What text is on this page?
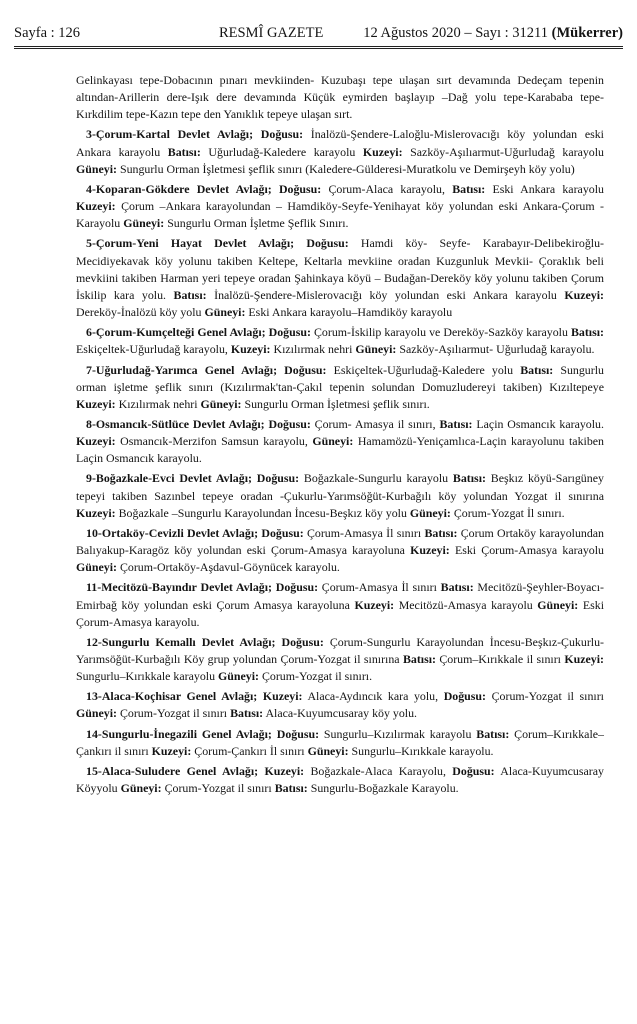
Sayfa : 126	RESMÎ GAZETE	12 Ağustos 2020 – Sayı : 31211 (Mükerrer)

Gelinkayası tepe-Dobacının pınarı mevkiinden- Kuzubaşı tepe ulaşan sırt devamında Dedeçam tepenin altından-Arillerin dere-Işık dere devamında Küçük eymirden başlayıp –Dağ yolu tepe-Karababa tepe- Kırkdilim tepe-Kazın tepe den Yanıklık tepeye ulaşan sırt.

3-Çorum-Kartal Devlet Avlağı; Doğusu: İnalözü-Şendere-Laloğlu-Mislerovacığı köy yolundan eski Ankara karayolu Batısı: Uğurludağ-Kaledere karayolu Kuzeyi: Sazköy-Aşılıarmut-Uğurludağ karayolu Güneyi: Sungurlu Orman İşletmesi şeflik sınırı (Kaledere-Gülderesi-Muratkolu ve Demirşeyh köy yolu)

4-Koparan-Gökdere Devlet Avlağı; Doğusu: Çorum-Alaca karayolu, Batısı: Eski Ankara karayolu Kuzeyi: Çorum –Ankara karayolundan – Hamdiköy-Seyfe-Yenihayat köy yolundan eski Ankara-Çorum - Karayolu Güneyi: Sungurlu Orman İşletme Şeflik Sınırı.

5-Çorum-Yeni Hayat Devlet Avlağı; Doğusu: Hamdi köy- Seyfe- Karabayır-Delibekiroğlu- Mecidiyekavak köy yolunu takiben Keltepe, Keltarla mevkiine oradan Kuzgunluk Mevkii- Çoraklık beli mevkiini takiben Harman yeri tepeye oradan Şahinkaya köyü – Budağan-Dereköy köy yolunu takiben Çorum İskilip kara yolu. Batısı: İnalözü-Şendere-Mislerovacığı köy yolundan eski Ankara karayolu Kuzeyi: Dereköy-İnalözü köy yolu Güneyi: Eski Ankara karayolu–Hamdiköy karayolu

6-Çorum-Kumçeltеği Genel Avlağı; Doğusu: Çorum-İskilip karayolu ve Dereköy-Sazköy karayolu Batısı: Eskiçeltek-Uğurludağ karayolu, Kuzeyi: Kızılırmak nehri Güneyi: Sazköy-Aşılıarmut- Uğurludağ karayolu.

7-Uğurludağ-Yarımca Genel Avlağı; Doğusu: Eskiçeltek-Uğurludağ-Kaledere yolu Batısı: Sungurlu orman işletme şeflik sınırı (Kızılırmak'tan-Çakıl tepenin solundan Domuzludereyi takiben) Kızıltepeye Kuzeyi: Kızılırmak nehri Güneyi: Sungurlu Orman İşletmesi şeflik sınırı.

8-Osmancık-Sütlüce Devlet Avlağı; Doğusu: Çorum- Amasya il sınırı, Batısı: Laçin Osmancık karayolu. Kuzeyi: Osmancık-Merzifon Samsun karayolu, Güneyi: Hamamözü-Yeniçamlıca-Laçin karayolunu takiben Laçin Osmancık karayolu.

9-Boğazkale-Evci Devlet Avlağı; Doğusu: Boğazkale-Sungurlu karayolu Batısı: Beşkız köyü-Sarıgüney tepeyi takiben Sazınbel tepeye oradan -Çukurlu-Yarımsöğüt-Kurbağılı köy yolundan Yozgat il sınırına Kuzeyi: Boğazkale –Sungurlu Karayolundan İncesu-Beşkız köy yolu Güneyi: Çorum-Yozgat İl sınırı.

10-Ortaköy-Cevizli Devlet Avlağı; Doğusu: Çorum-Amasya İl sınırı Batısı: Çorum Ortaköy karayolundan Balıyakup-Karagöz köy yolundan eski Çorum-Amasya karayoluna Kuzeyi: Eski Çorum-Amasya karayolu Güneyi: Çorum-Ortaköy-Aşdavul-Göynücek karayolu.

11-Mecitözü-Bayındır Devlet Avlağı; Doğusu: Çorum-Amasya İl sınırı Batısı: Mecitözü-Şeyhler-Boyacı-Emirbağ köy yolundan eski Çorum Amasya karayoluna Kuzeyi: Mecitözü-Amasya karayolu Güneyi: Eski Çorum-Amasya karayolu.

12-Sungurlu Kemallı Devlet Avlağı; Doğusu: Çorum-Sungurlu Karayolundan İncesu-Beşkız-Çukurlu-Yarımsöğüt-Kurbağılı Köy grup yolundan Çorum-Yozgat il sınırına Batısı: Çorum–Kırıkkale il sınırı Kuzeyi: Sungurlu–Kırıkkale karayolu Güneyi: Çorum-Yozgat il sınırı.

13-Alaca-Koçhisar Genel Avlağı; Kuzeyi: Alaca-Aydıncık kara yolu, Doğusu: Çorum-Yozgat il sınırı Güneyi: Çorum-Yozgat il sınırı Batısı: Alaca-Kuyumcusaray köy yolu.

14-Sungurlu-İnegazili Genel Avlağı; Doğusu: Sungurlu–Kızılırmak karayolu Batısı: Çorum–Kırıkkale–Çankırı il sınırı Kuzeyi: Çorum-Çankırı İl sınırı Güneyi: Sungurlu–Kırıkkale karayolu.

15-Alaca-Suludere Genel Avlağı; Kuzeyi: Boğazkale-Alaca Karayolu, Doğusu: Alaca-Kuyumcusaray Köyyolu Güneyi: Çorum-Yozgat il sınırı Batısı: Sungurlu-Boğazkale Karayolu.
